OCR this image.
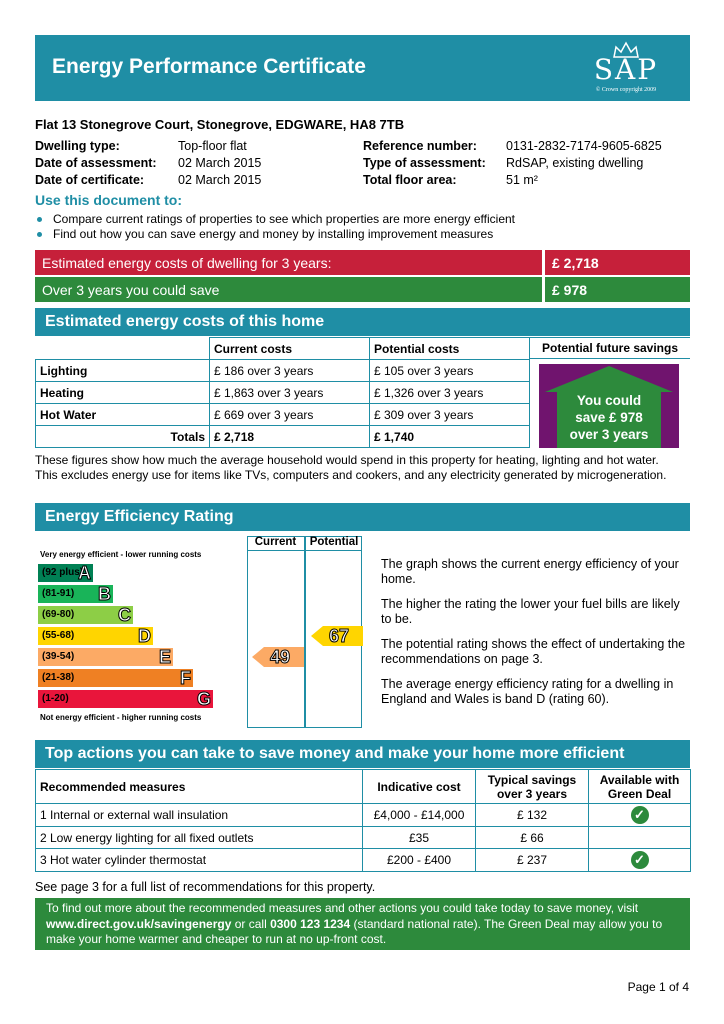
Energy Performance Certificate	SAP
© Crown copyright 2009
Flat 13 Stonegrove Court, Stonegrove, EDGWARE, HA8 7TB
Dwelling type:	Top-floor flat
Date of assessment: 02 March 2015
Date of certificate:	02 March 2015
Reference number: 0131-2832-7174-9605-6825
Type of assessment: RdSAP, existing dwelling
Total floor area:	51 m²
Use this document to:
Compare current ratings of properties to see which properties are more energy efficient
Find out how you can save energy and money by installing improvement measures
Estimated energy costs of dwelling for 3 years:	£ 2,718
Over 3 years you could save	£ 978
Estimated energy costs of this home
	Current costs	Potential costs
Lighting	£ 186 over 3 years	£ 105 over 3 years
Heating	£ 1,863 over 3 years	£ 1,326 over 3 years
Hot Water	£ 669 over 3 years	£ 309 over 3 years
Totals	£ 2,718	£ 1,740
Potential future savings
You could
save £ 978
over 3 years
These figures show how much the average household would spend in this property for heating, lighting and hot water. This excludes energy use for items like TVs, computers and cookers, and any electricity generated by microgeneration.
Energy Efficiency Rating
Current	Potential
Very energy efficient - lower running costs
(92 plus)
A
(81-91) B
(69-80) C
(55-68)	D
(39-54)	E
(21-38)	F
(1-20)	G
Not energy efficient - higher running costs
49
67

The graph shows the current energy efficiency of your home.

The higher the rating the lower your fuel bills are likely to be.

The potential rating shows the effect of undertaking the recommendations on page 3.

The average energy efficiency rating for a dwelling in England and Wales is band D (rating 60).

Top actions you can take to save money and make your home more efficient
Recommended measures	Indicative cost	Typical savings over 3 years	Available with Green Deal
1 Internal or external wall insulation	£4,000 - £14,000	£ 132	✓
2 Low energy lighting for all fixed outlets	£35	£ 66	
3 Hot water cylinder thermostat	£200 - £400	£ 237	✓
See page 3 for a full list of recommendations for this property.
To find out more about the recommended measures and other actions you could take today to save money, visit www.direct.gov.uk/savingenergy or call 0300 123 1234 (standard national rate). The Green Deal may allow you to make your home warmer and cheaper to run at no up-front cost.
Page 1 of 4
